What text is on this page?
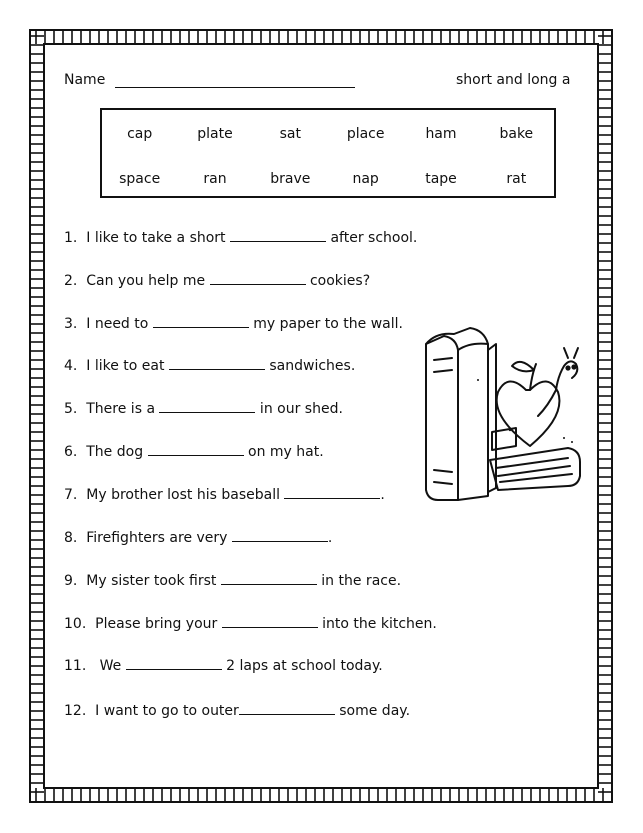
Name	short and long a
cap	plate	sat	place	ham	bake
space	ran	brave	nap	tape	rat
1.  I like to take a short	after school.
2.  Can you help me	cookies?
3.  I need to	my paper to the wall.
4.  I like to eat	sandwiches.
5.  There is a	in our shed.
6.  The dog	on my hat.
7.  My brother lost his baseball	.
8.  Firefighters are very	.
9.  My sister took first	in the race.
10.  Please bring your	into the kitchen.
11.   We	2 laps at school today.
12.  I want to go to outer	some day.
